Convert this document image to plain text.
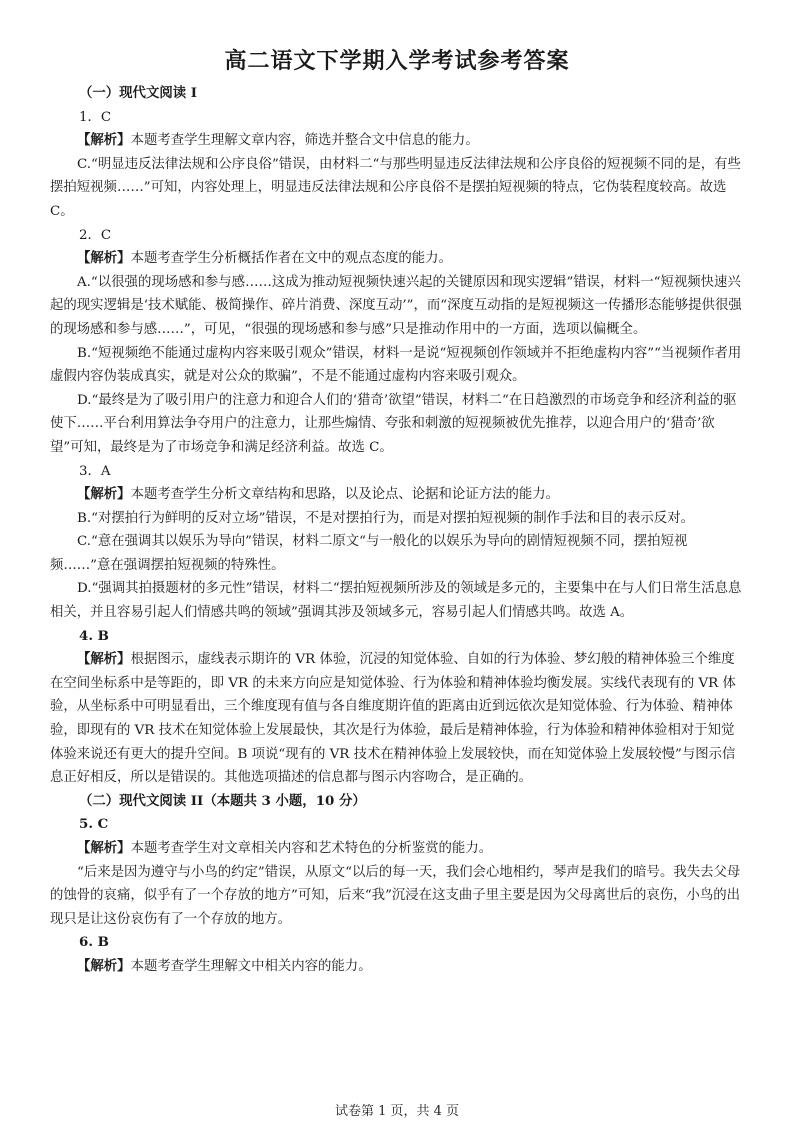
高二语文下学期入学考试参考答案

（一）现代文阅读 I

1．C

【解析】本题考查学生理解文章内容，筛选并整合文中信息的能力。

C.“明显违反法律法规和公序良俗”错误，由材料二“与那些明显违反法律法规和公序良俗的短视频不同的是，有些摆拍短视频……”可知，内容处理上，明显违反法律法规和公序良俗不是摆拍短视频的特点，它伪装程度较高。故选 C。

2．C

【解析】本题考查学生分析概括作者在文中的观点态度的能力。

A.“以很强的现场感和参与感……这成为推动短视频快速兴起的关键原因和现实逻辑”错误，材料一“短视频快速兴起的现实逻辑是‘技术赋能、极简操作、碎片消费、深度互动’”，而“深度互动指的是短视频这一传播形态能够提供很强的现场感和参与感……”，可见，“很强的现场感和参与感”只是推动作用中的一方面，选项以偏概全。

B.“短视频绝不能通过虚构内容来吸引观众”错误，材料一是说“短视频创作领域并不拒绝虚构内容”“当视频作者用虚假内容伪装成真实，就是对公众的欺骗”，不是不能通过虚构内容来吸引观众。

D.“最终是为了吸引用户的注意力和迎合人们的‘猎奇’欲望”错误，材料二“在日趋激烈的市场竞争和经济利益的驱使下……平台利用算法争夺用户的注意力，让那些煽情、夸张和刺激的短视频被优先推荐，以迎合用户的‘猎奇’欲望”可知，最终是为了市场竞争和满足经济利益。故选 C。

3．A

【解析】本题考查学生分析文章结构和思路，以及论点、论据和论证方法的能力。

B.“对摆拍行为鲜明的反对立场”错误，不是对摆拍行为，而是对摆拍短视频的制作手法和目的表示反对。

C.“意在强调其以娱乐为导向”错误，材料二原文“与一般化的以娱乐为导向的剧情短视频不同，摆拍短视频……”意在强调摆拍短视频的特殊性。

D.“强调其拍摄题材的多元性”错误，材料二“摆拍短视频所涉及的领域是多元的，主要集中在与人们日常生活息息相关，并且容易引起人们情感共鸣的领域”强调其涉及领域多元，容易引起人们情感共鸣。故选 A。

4. B

【解析】根据图示，虚线表示期许的 VR 体验，沉浸的知觉体验、自如的行为体验、梦幻般的精神体验三个维度在空间坐标系中是等距的，即 VR 的未来方向应是知觉体验、行为体验和精神体验均衡发展。实线代表现有的 VR 体验，从坐标系中可明显看出，三个维度现有值与各自维度期许值的距离由近到远依次是知觉体验、行为体验、精神体验，即现有的 VR 技术在知觉体验上发展最快，其次是行为体验，最后是精神体验，行为体验和精神体验相对于知觉体验来说还有更大的提升空间。B 项说“现有的 VR 技术在精神体验上发展较快，而在知觉体验上发展较慢”与图示信息正好相反，所以是错误的。其他选项描述的信息都与图示内容吻合，是正确的。

（二）现代文阅读 II（本题共 3 小题，10 分）

5. C

【解析】本题考查学生对文章相关内容和艺术特色的分析鉴赏的能力。

“后来是因为遵守与小鸟的约定”错误，从原文“以后的每一天，我们会心地相约，琴声是我们的暗号。我失去父母的蚀骨的哀痛，似乎有了一个存放的地方”可知，后来“我”沉浸在这支曲子里主要是因为父母离世后的哀伤，小鸟的出现只是让这份哀伤有了一个存放的地方。

6. B

【解析】本题考查学生理解文中相关内容的能力。

试卷第 1 页，共 4 页
